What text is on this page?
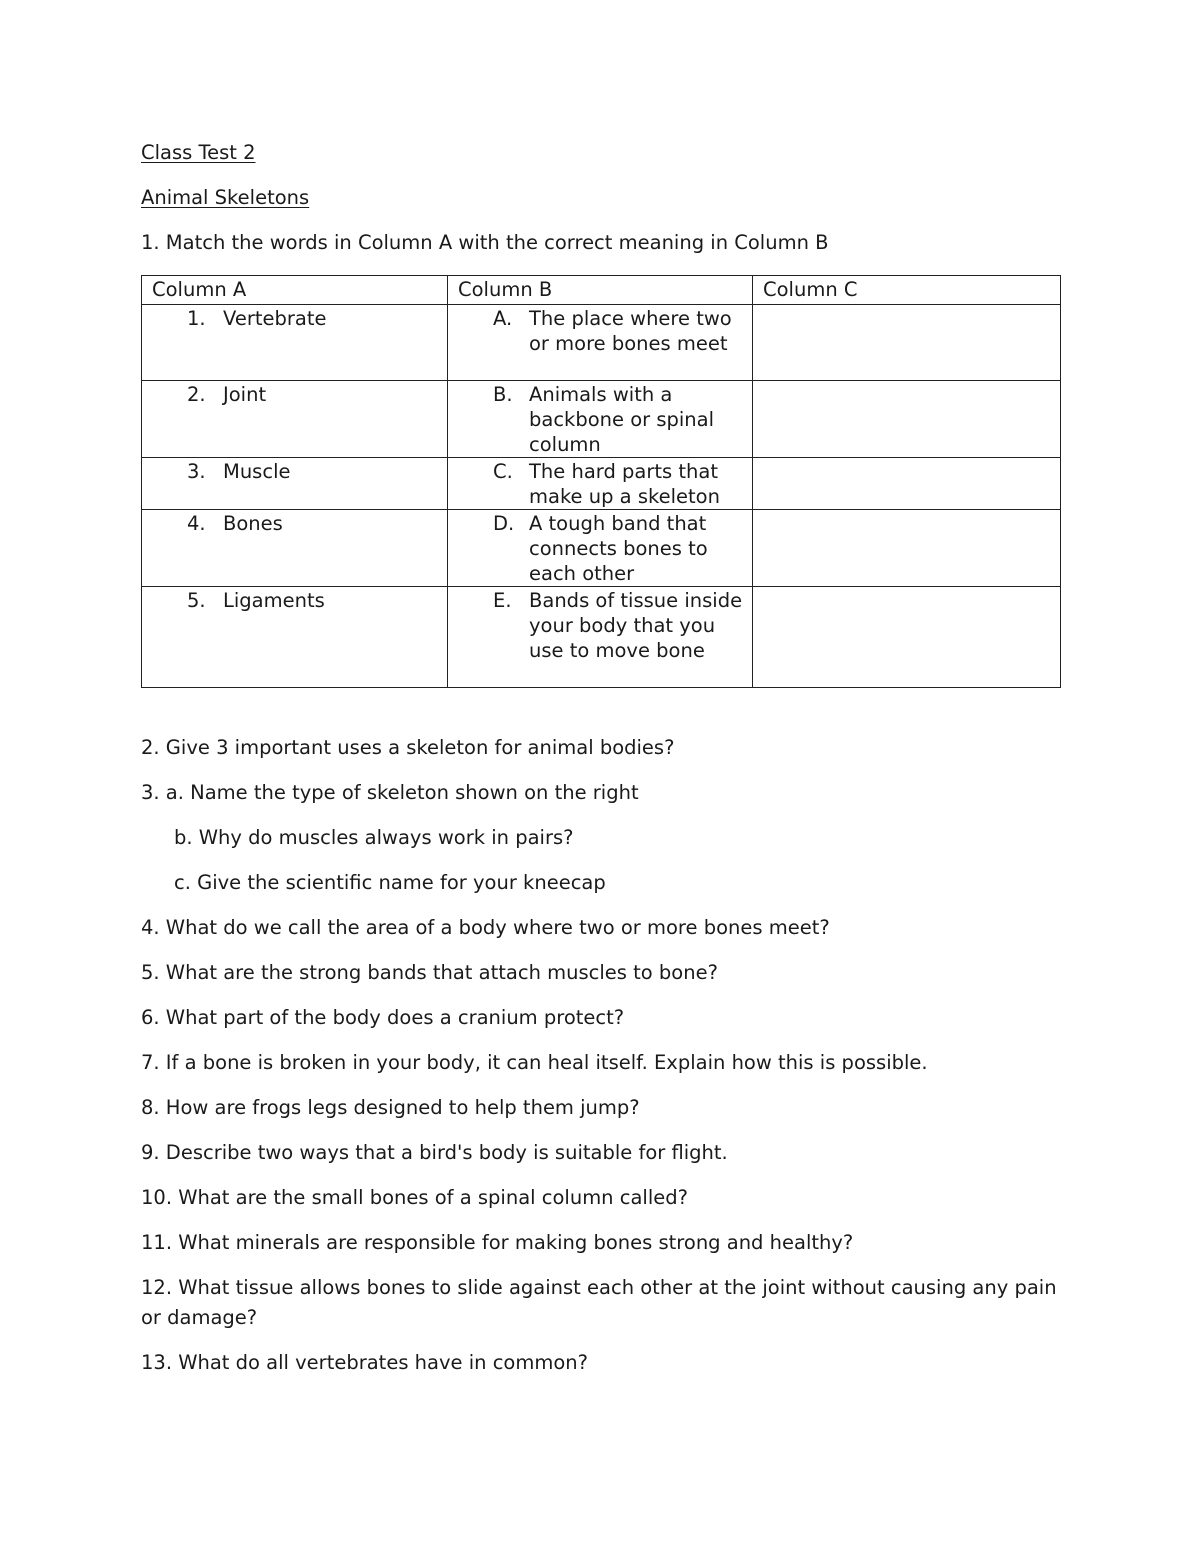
Class Test 2
Animal Skeletons
1. Match the words in Column A with the correct meaning in Column B
Column A	Column B	Column C

1. Vertebrate	A. The place where two or more bones meet	

2. Joint	B. Animals with a backbone or spinal column	

3. Muscle	C. The hard parts that make up a skeleton	

4. Bones	D. A tough band that connects bones to each other	

5. Ligaments	E. Bands of tissue inside your body that you use to move bone	

2. Give 3 important uses a skeleton for animal bodies?
3. a. Name the type of skeleton shown on the right
b. Why do muscles always work in pairs?
c. Give the scientific name for your kneecap
4. What do we call the area of a body where two or more bones meet?
5. What are the strong bands that attach muscles to bone?
6. What part of the body does a cranium protect?
7. If a bone is broken in your body, it can heal itself. Explain how this is possible.
8. How are frogs legs designed to help them jump?
9. Describe two ways that a bird's body is suitable for flight.
10. What are the small bones of a spinal column called?
11. What minerals are responsible for making bones strong and healthy?
12. What tissue allows bones to slide against each other at the joint without causing any pain or damage?
13. What do all vertebrates have in common?
